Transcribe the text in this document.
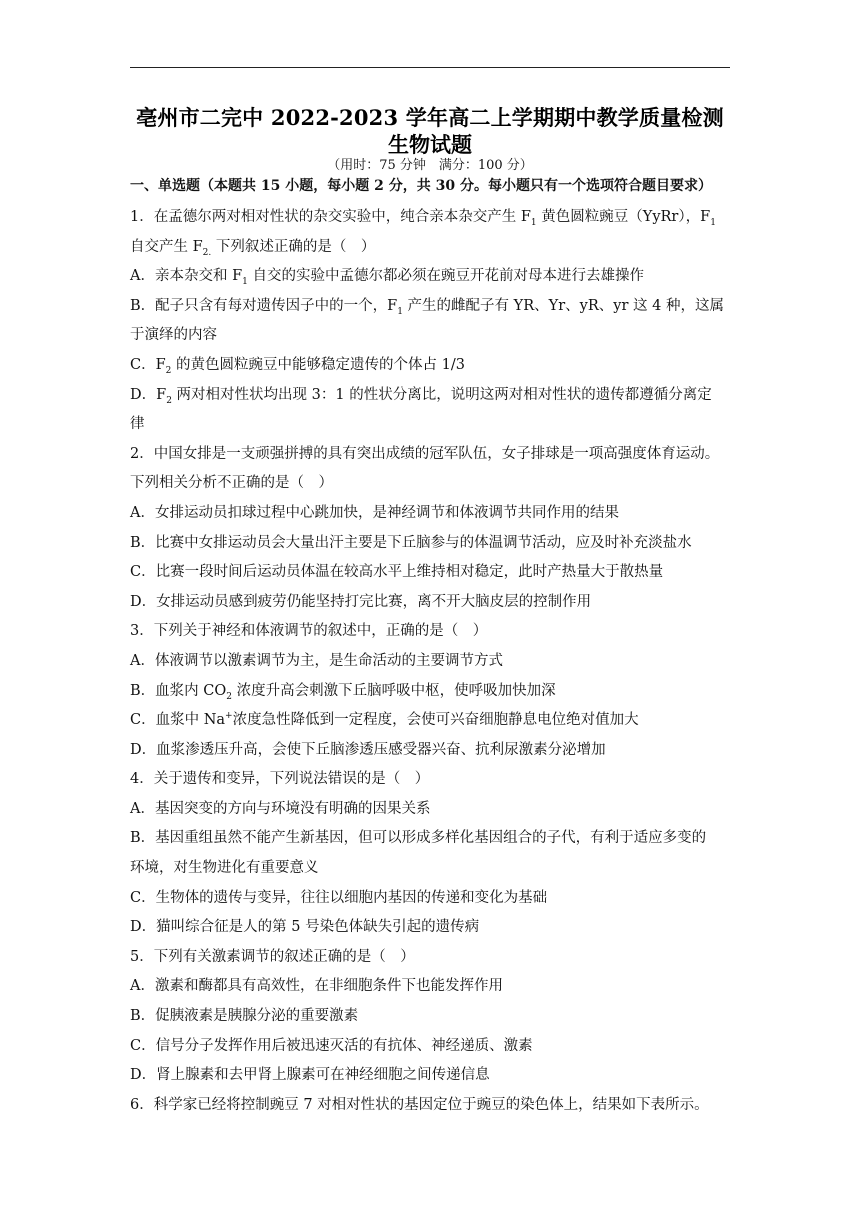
亳州市二完中 2022-2023 学年高二上学期期中教学质量检测
生物试题
（用时：75 分钟　满分：100 分）
一、单选题（本题共 15 小题，每小题 2 分，共 30 分。每小题只有一个选项符合题目要求）
1．在孟德尔两对相对性状的杂交实验中，纯合亲本杂交产生 $F_1$ 黄色圆粒豌豆（YyRr），$F_1$
自交产生 $F_{2.}$ 下列叙述正确的是（　）
A．亲本杂交和 $F_1$ 自交的实验中孟德尔都必须在豌豆开花前对母本进行去雄操作
B．配子只含有每对遗传因子中的一个，$F_1$ 产生的雌配子有 YR、Yr、yR、yr 这 4 种，这属
于演绎的内容
C．$F_2$ 的黄色圆粒豌豆中能够稳定遗传的个体占 1/3
D．$F_2$ 两对相对性状均出现 3：1 的性状分离比，说明这两对相对性状的遗传都遵循分离定
律
2．中国女排是一支顽强拼搏的具有突出成绩的冠军队伍，女子排球是一项高强度体育运动。
下列相关分析不正确的是（　）
A．女排运动员扣球过程中心跳加快，是神经调节和体液调节共同作用的结果
B．比赛中女排运动员会大量出汗主要是下丘脑参与的体温调节活动，应及时补充淡盐水
C．比赛一段时间后运动员体温在较高水平上维持相对稳定，此时产热量大于散热量
D．女排运动员感到疲劳仍能坚持打完比赛，离不开大脑皮层的控制作用
3．下列关于神经和体液调节的叙述中，正确的是（　）
A．体液调节以激素调节为主，是生命活动的主要调节方式
B．血浆内 $CO_2$ 浓度升高会刺激下丘脑呼吸中枢，使呼吸加快加深
C．血浆中 Na+浓度急性降低到一定程度，会使可兴奋细胞静息电位绝对值加大
D．血浆渗透压升高，会使下丘脑渗透压感受器兴奋、抗利尿激素分泌增加
4．关于遗传和变异，下列说法错误的是（　）
A．基因突变的方向与环境没有明确的因果关系
B．基因重组虽然不能产生新基因，但可以形成多样化基因组合的子代，有利于适应多变的
环境，对生物进化有重要意义
C．生物体的遗传与变异，往往以细胞内基因的传递和变化为基础
D．猫叫综合征是人的第 5 号染色体缺失引起的遗传病
5．下列有关激素调节的叙述正确的是（　）
A．激素和酶都具有高效性，在非细胞条件下也能发挥作用
B．促胰液素是胰腺分泌的重要激素
C．信号分子发挥作用后被迅速灭活的有抗体、神经递质、激素
D．肾上腺素和去甲肾上腺素可在神经细胞之间传递信息
6．科学家已经将控制豌豆 7 对相对性状的基因定位于豌豆的染色体上，结果如下表所示。
